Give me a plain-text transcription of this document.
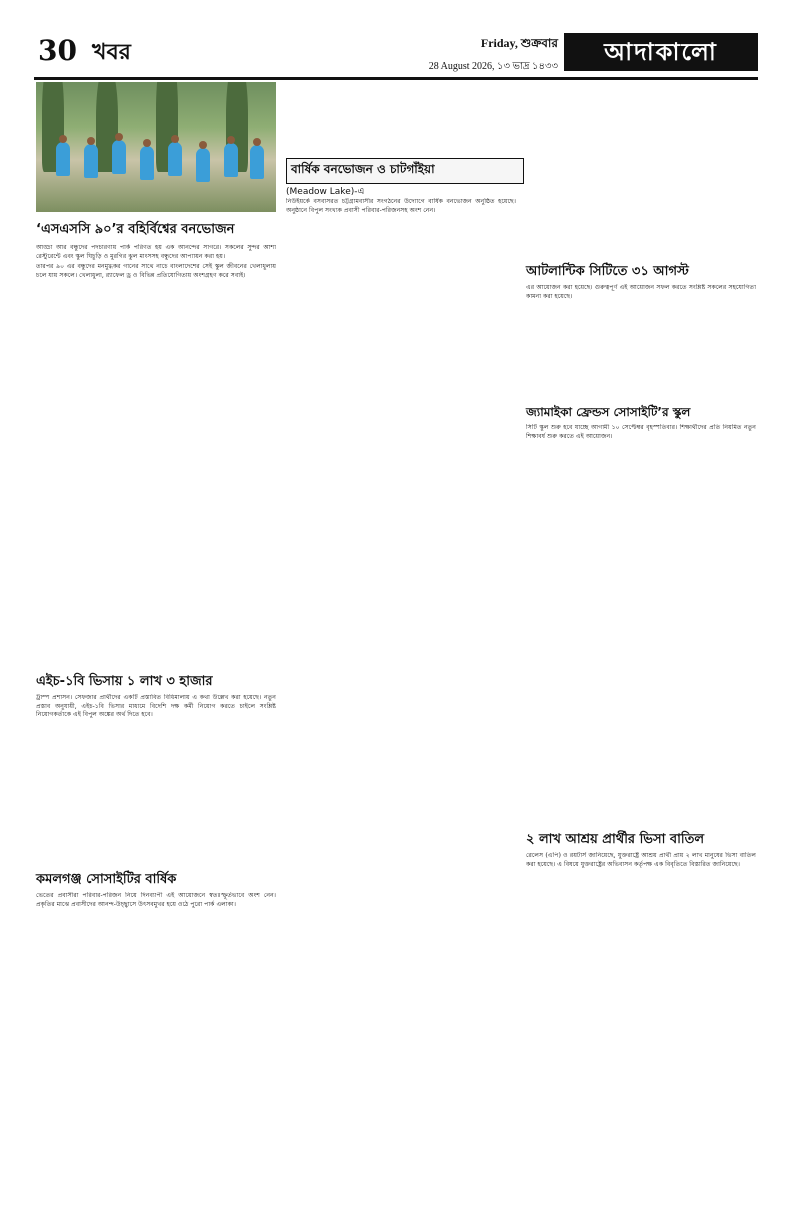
30 খবর	Friday, শুক্রবার
28 August 2026, ১৩ ভাদ্র ১৪৩৩
আদাকালো
‘এসএসসি ৯০’র বহির্বিশ্বের বনভোজন

আড্ডা আর বন্ধুদের পদচারণায় পার্ক পরিণত হয় এক আনন্দের সাগরে। সকলের সুন্দর আশা রেস্টুরেন্টে এবং স্কুল ঘিচুড়ি ও মুরগির ঝুল মাংসসহ বন্ধুদের আপ্যায়ন করা হয়।

তারপর ৯০ এর বন্ধুদের মনমুগ্ধকর গানের সাথে নাচে বাংলাদেশের সেই স্কুল জীবনের খেলাধুলায় চলে যায় সকলে। খেলাধুলা, র‍্যাফেল ড্র ও বিভিন্ন প্রতিযোগিতায় অংশগ্রহণ করে সবাই।

এইচ-১বি ভিসায় ১ লাখ ৩ হাজার

ট্রাম্প প্রশাসন। সেফজার প্রার্থীদের একটি প্রস্তাবিত বিধিমালায় এ কথা উল্লেখ করা হয়েছে। নতুন প্রস্তাব অনুযায়ী, এইচ-১বি ভিসার মাধ্যমে বিদেশি দক্ষ কর্মী নিয়োগ করতে চাইলে সংশ্লিষ্ট নিয়োগকর্তাকে এই বিপুল অঙ্কের অর্থ দিতে হবে।

কমলগঞ্জ সোসাইটির বার্ষিক

ভেতের প্রবাসীরা পরিবার-পরিজন নিয়ে দিনব্যাপী এই আয়োজনে স্বতঃস্ফূর্তভাবে অংশ নেন। প্রকৃতির মাঝে প্রবাসীদের আনন্দ-উচ্ছ্বাসে উৎসবমুখর হয়ে ওঠে পুরো পার্ক এলাকা।

বার্ষিক বনভোজন ও চাটগাঁইয়া
(Meadow Lake)-এ

নিউইয়র্কে বসবাসরত চট্টগ্রামবাসীর সংগঠনের উদ্যোগে বার্ষিক বনভোজন অনুষ্ঠিত হয়েছে। অনুষ্ঠানে বিপুল সংখ্যক প্রবাসী পরিবার-পরিজনসহ অংশ নেন।

আটলান্টিক সিটিতে ৩১ আগস্ট

এর আয়োজন করা হয়েছে। গুরুত্বপূর্ণ এই আয়োজন সফল করতে সংশ্লিষ্ট সকলের সহযোগিতা কামনা করা হয়েছে।

জ্যামাইকা ফ্রেন্ডস সোসাইটি’র স্কুল

সিটি স্কুল শুরু হবে যাচ্ছে আগামী ১০ সেপ্টেম্বর বৃহস্পতিবার। শিক্ষার্থীদের প্রতি নিয়মিত নতুন শিক্ষাবর্ষ শুরু করতে এই আয়োজন।

২ লাখ আশ্রয় প্রার্থীর ভিসা বাতিল

রেলেস (এপি) ও রয়টার্স জানিয়েছে, যুক্তরাষ্ট্রে আশ্রয় প্রার্থী প্রায় ২ লাখ মানুষের ভিসা বাতিল করা হয়েছে। এ বিষয়ে যুক্তরাষ্ট্রের অভিবাসন কর্তৃপক্ষ এক বিবৃতিতে বিস্তারিত জানিয়েছে।
